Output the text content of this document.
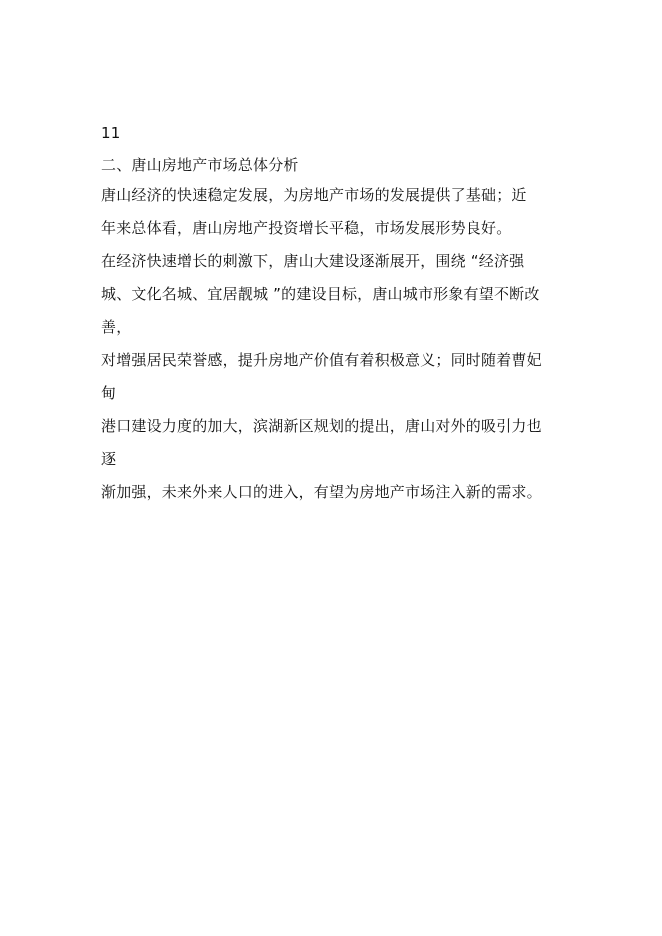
11
二、唐山房地产市场总体分析
唐山经济的快速稳定发展，为房地产市场的发展提供了基础；近
年来总体看，唐山房地产投资增长平稳，市场发展形势良好。
在经济快速增长的刺激下，唐山大建设逐渐展开，围绕 “经济强
城、文化名城、宜居靓城 ”的建设目标，唐山城市形象有望不断改
善，
对增强居民荣誉感，提升房地产价值有着积极意义；同时随着曹妃
甸
港口建设力度的加大，滨湖新区规划的提出，唐山对外的吸引力也
逐
渐加强，未来外来人口的进入，有望为房地产市场注入新的需求。
